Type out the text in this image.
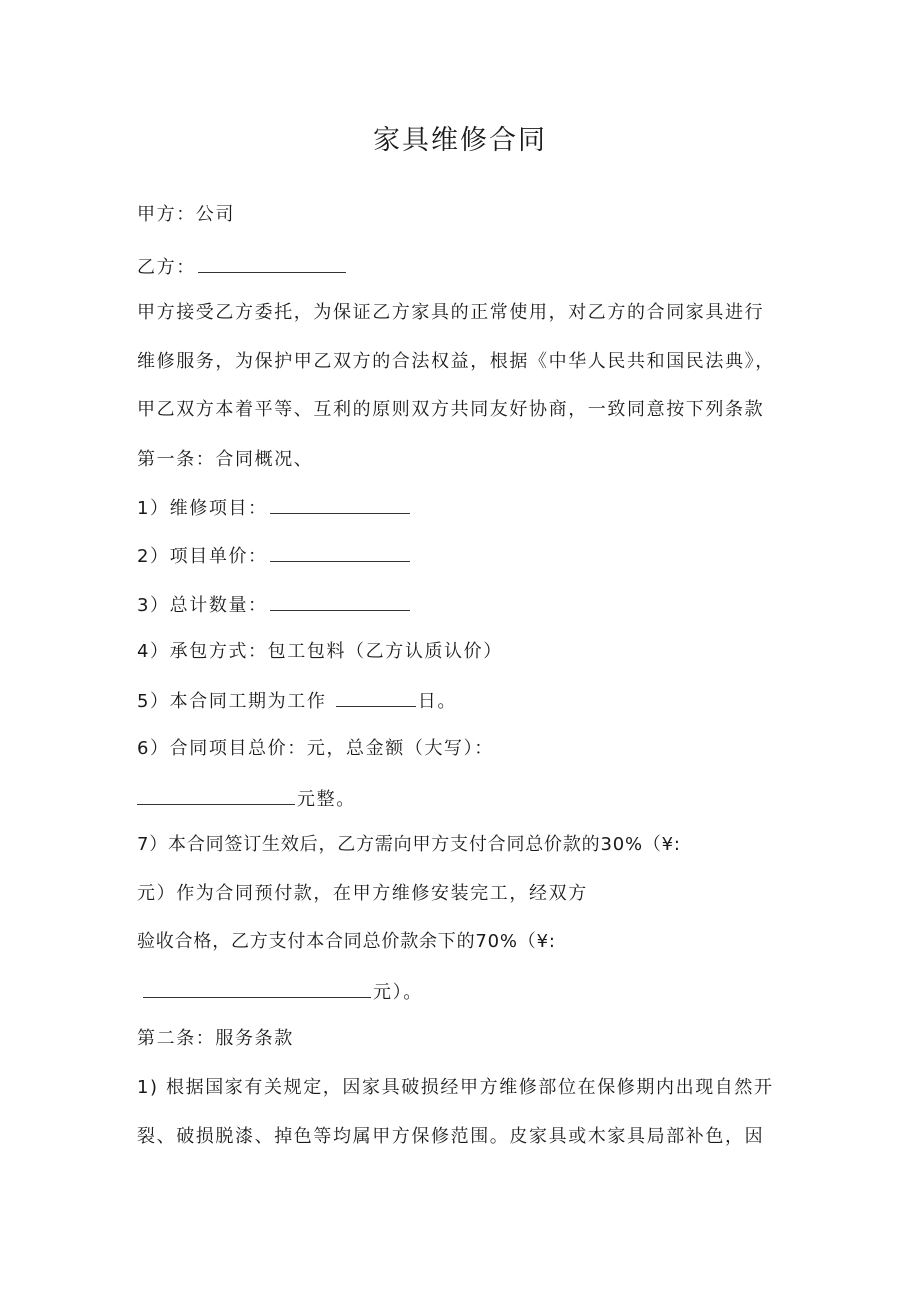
家具维修合同
甲方：公司
乙方：
甲方接受乙方委托，为保证乙方家具的正常使用，对乙方的合同家具进行
维修服务，为保护甲乙双方的合法权益，根据《中华人民共和国民法典》，
甲乙双方本着平等、互利的原则双方共同友好协商，一致同意按下列条款
第一条：合同概况、
1）维修项目：
2）项目单价：
3）总计数量：
4）承包方式：包工包料（乙方认质认价）
5）本合同工期为工作	日。
6）合同项目总价：元，总金额（大写）：
元整。
7）本合同签订生效后，乙方需向甲方支付合同总价款的30%（¥:
元）作为合同预付款，在甲方维修安装完工，经双方
验收合格，乙方支付本合同总价款余下的70%（¥:
元）。
第二条：服务条款
1) 根据国家有关规定，因家具破损经甲方维修部位在保修期内出现自然开
裂、破损脱漆、掉色等均属甲方保修范围。皮家具或木家具局部补色，因
